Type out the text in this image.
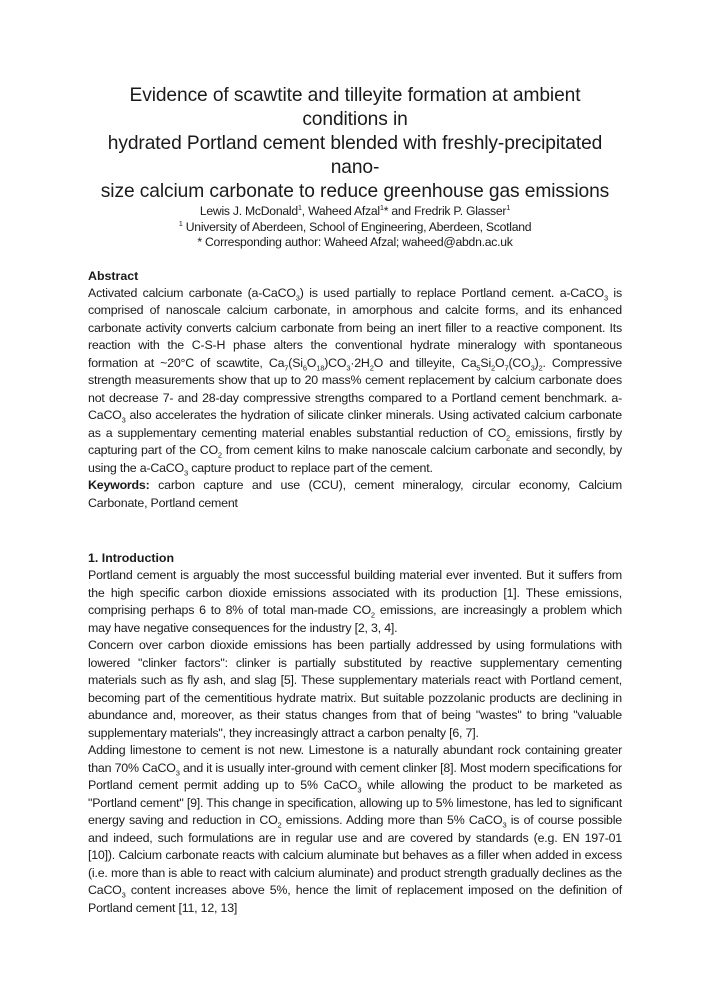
Evidence of scawtite and tilleyite formation at ambient conditions in
hydrated Portland cement blended with freshly-precipitated nano-
size calcium carbonate to reduce greenhouse gas emissions

Lewis J. McDonald$^1$, Waheed Afzal$^1$* and Fredrik P. Glasser$^1$

$^1$ University of Aberdeen, School of Engineering, Aberdeen, Scotland

* Corresponding author: Waheed Afzal; waheed@abdn.ac.uk

Abstract

Activated calcium carbonate (a-CaCO$_3$) is used partially to replace Portland cement. a-CaCO$_3$ is comprised of nanoscale calcium carbonate, in amorphous and calcite forms, and its enhanced carbonate activity converts calcium carbonate from being an inert filler to a reactive component. Its reaction with the C-S-H phase alters the conventional hydrate mineralogy with spontaneous formation at ~20°C of scawtite, $Ca_7(Si_6O_{18})CO_3\cdot 2H_2O$ and tilleyite, $Ca_5Si_2O_7(CO_3)_2$. Compressive strength measurements show that up to 20 mass% cement replacement by calcium carbonate does not decrease 7- and 28-day compressive strengths compared to a Portland cement benchmark. a-CaCO$_3$ also accelerates the hydration of silicate clinker minerals. Using activated calcium carbonate as a supplementary cementing material enables substantial reduction of $CO_2$ emissions, firstly by capturing part of the $CO_2$ from cement kilns to make nanoscale calcium carbonate and secondly, by using the a-CaCO$_3$ capture product to replace part of the cement.

Keywords: carbon capture and use (CCU), cement mineralogy, circular economy, Calcium Carbonate, Portland cement

1. Introduction

Portland cement is arguably the most successful building material ever invented. But it suffers from the high specific carbon dioxide emissions associated with its production [1]. These emissions, comprising perhaps 6 to 8% of total man-made $CO_2$ emissions, are increasingly a problem which may have negative consequences for the industry [2, 3, 4].

Concern over carbon dioxide emissions has been partially addressed by using formulations with lowered "clinker factors": clinker is partially substituted by reactive supplementary cementing materials such as fly ash, and slag [5]. These supplementary materials react with Portland cement, becoming part of the cementitious hydrate matrix. But suitable pozzolanic products are declining in abundance and, moreover, as their status changes from that of being "wastes" to bring "valuable supplementary materials", they increasingly attract a carbon penalty [6, 7].

Adding limestone to cement is not new. Limestone is a naturally abundant rock containing greater than 70% CaCO$_3$ and it is usually inter-ground with cement clinker [8]. Most modern specifications for Portland cement permit adding up to 5% CaCO$_3$ while allowing the product to be marketed as "Portland cement" [9]. This change in specification, allowing up to 5% limestone, has led to significant energy saving and reduction in $CO_2$ emissions. Adding more than 5% CaCO$_3$ is of course possible and indeed, such formulations are in regular use and are covered by standards (e.g. EN 197-01 [10]). Calcium carbonate reacts with calcium aluminate but behaves as a filler when added in excess (i.e. more than is able to react with calcium aluminate) and product strength gradually declines as the CaCO$_3$ content increases above 5%, hence the limit of replacement imposed on the definition of Portland cement [11, 12, 13]
